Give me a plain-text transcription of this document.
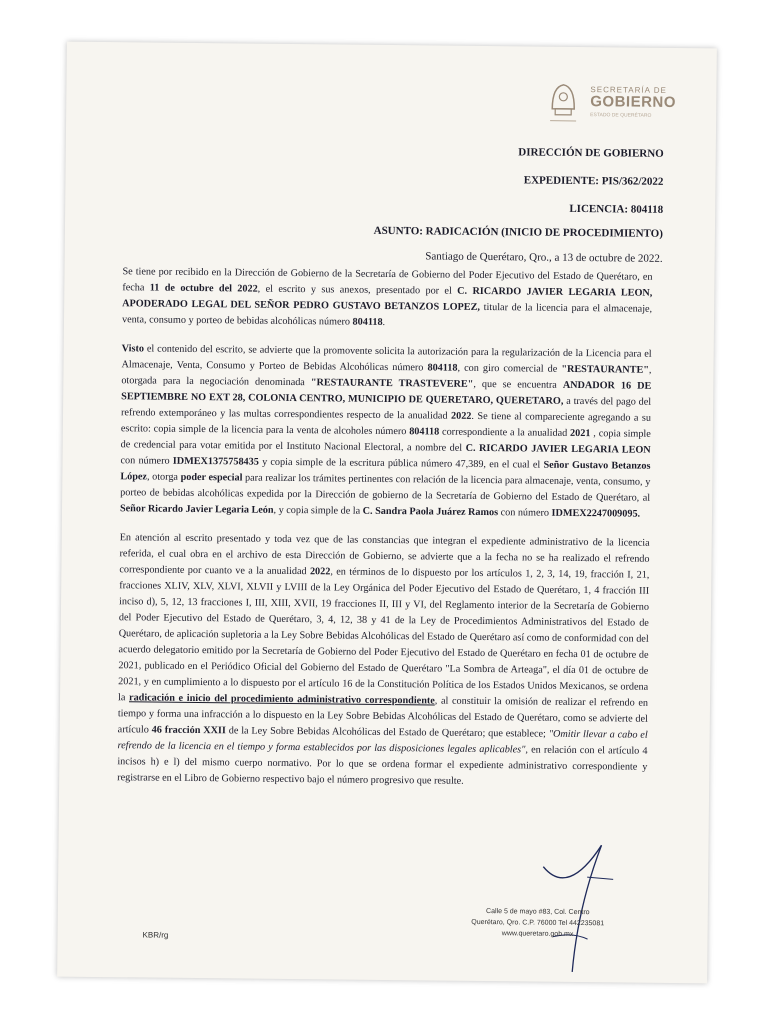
SECRETARÍA DE
GOBIERNO
ESTADO DE QUERÉTARO
DIRECCIÓN DE GOBIERNO
EXPEDIENTE: PIS/362/2022
LICENCIA: 804118
ASUNTO: RADICACIÓN (INICIO DE PROCEDIMIENTO)
Santiago de Querétaro, Qro., a 13 de octubre de 2022.

Se tiene por recibido en la Dirección de Gobierno de la Secretaría de Gobierno del Poder Ejecutivo del Estado de Querétaro, en fecha 11 de octubre del 2022, el escrito y sus anexos, presentado por el C. RICARDO JAVIER LEGARIA LEON, APODERADO LEGAL DEL SEÑOR PEDRO GUSTAVO BETANZOS LOPEZ, titular de la licencia para el almacenaje, venta, consumo y porteo de bebidas alcohólicas número 804118.

Visto el contenido del escrito, se advierte que la promovente solicita la autorización para la regularización de la Licencia para el Almacenaje, Venta, Consumo y Porteo de Bebidas Alcohólicas número 804118, con giro comercial de "RESTAURANTE", otorgada para la negociación denominada "RESTAURANTE TRASTEVERE", que se encuentra ANDADOR 16 DE SEPTIEMBRE NO EXT 28, COLONIA CENTRO, MUNICIPIO DE QUERETARO, QUERETARO, a través del pago del refrendo extemporáneo y las multas correspondientes respecto de la anualidad 2022. Se tiene al compareciente agregando a su escrito: copia simple de la licencia para la venta de alcoholes número 804118 correspondiente a la anualidad 2021 , copia simple de credencial para votar emitida por el Instituto Nacional Electoral, a nombre del C. RICARDO JAVIER LEGARIA LEON con número IDMEX1375758435 y copia simple de la escritura pública número 47,389, en el cual el Señor Gustavo Betanzos López, otorga poder especial para realizar los trámites pertinentes con relación de la licencia para almacenaje, venta, consumo, y porteo de bebidas alcohólicas expedida por la Dirección de gobierno de la Secretaría de Gobierno del Estado de Querétaro, al Señor Ricardo Javier Legaria León, y copia simple de la C. Sandra Paola Juárez Ramos con número IDMEX2247009095.

En atención al escrito presentado y toda vez que de las constancias que integran el expediente administrativo de la licencia referida, el cual obra en el archivo de esta Dirección de Gobierno, se advierte que a la fecha no se ha realizado el refrendo correspondiente por cuanto ve a la anualidad 2022, en términos de lo dispuesto por los artículos 1, 2, 3, 14, 19, fracción I, 21, fracciones XLIV, XLV, XLVI, XLVII y LVIII de la Ley Orgánica del Poder Ejecutivo del Estado de Querétaro, 1, 4 fracción III inciso d), 5, 12, 13 fracciones I, III, XIII, XVII, 19 fracciones II, III y VI, del Reglamento interior de la Secretaría de Gobierno del Poder Ejecutivo del Estado de Querétaro, 3, 4, 12, 38 y 41 de la Ley de Procedimientos Administrativos del Estado de Querétaro, de aplicación supletoria a la Ley Sobre Bebidas Alcohólicas del Estado de Querétaro así como de conformidad con del acuerdo delegatorio emitido por la Secretaría de Gobierno del Poder Ejecutivo del Estado de Querétaro en fecha 01 de octubre de 2021, publicado en el Periódico Oficial del Gobierno del Estado de Querétaro "La Sombra de Arteaga", el día 01 de octubre de 2021, y en cumplimiento a lo dispuesto por el artículo 16 de la Constitución Política de los Estados Unidos Mexicanos, se ordena la radicación e inicio del procedimiento administrativo correspondiente, al constituir la omisión de realizar el refrendo en tiempo y forma una infracción a lo dispuesto en la Ley Sobre Bebidas Alcohólicas del Estado de Querétaro, como se advierte del artículo 46 fracción XXII de la Ley Sobre Bebidas Alcohólicas del Estado de Querétaro; que establece; "Omitir llevar a cabo el refrendo de la licencia en el tiempo y forma establecidos por las disposiciones legales aplicables", en relación con el artículo 4 incisos h) e l) del mismo cuerpo normativo. Por lo que se ordena formar el expediente administrativo correspondiente y registrarse en el Libro de Gobierno respectivo bajo el número progresivo que resulte.

Calle 5 de mayo #83, Col. Centro
Querétaro, Qro. C.P. 76000 Tel 442235081
www.queretaro.gob.mx
KBR/rg
